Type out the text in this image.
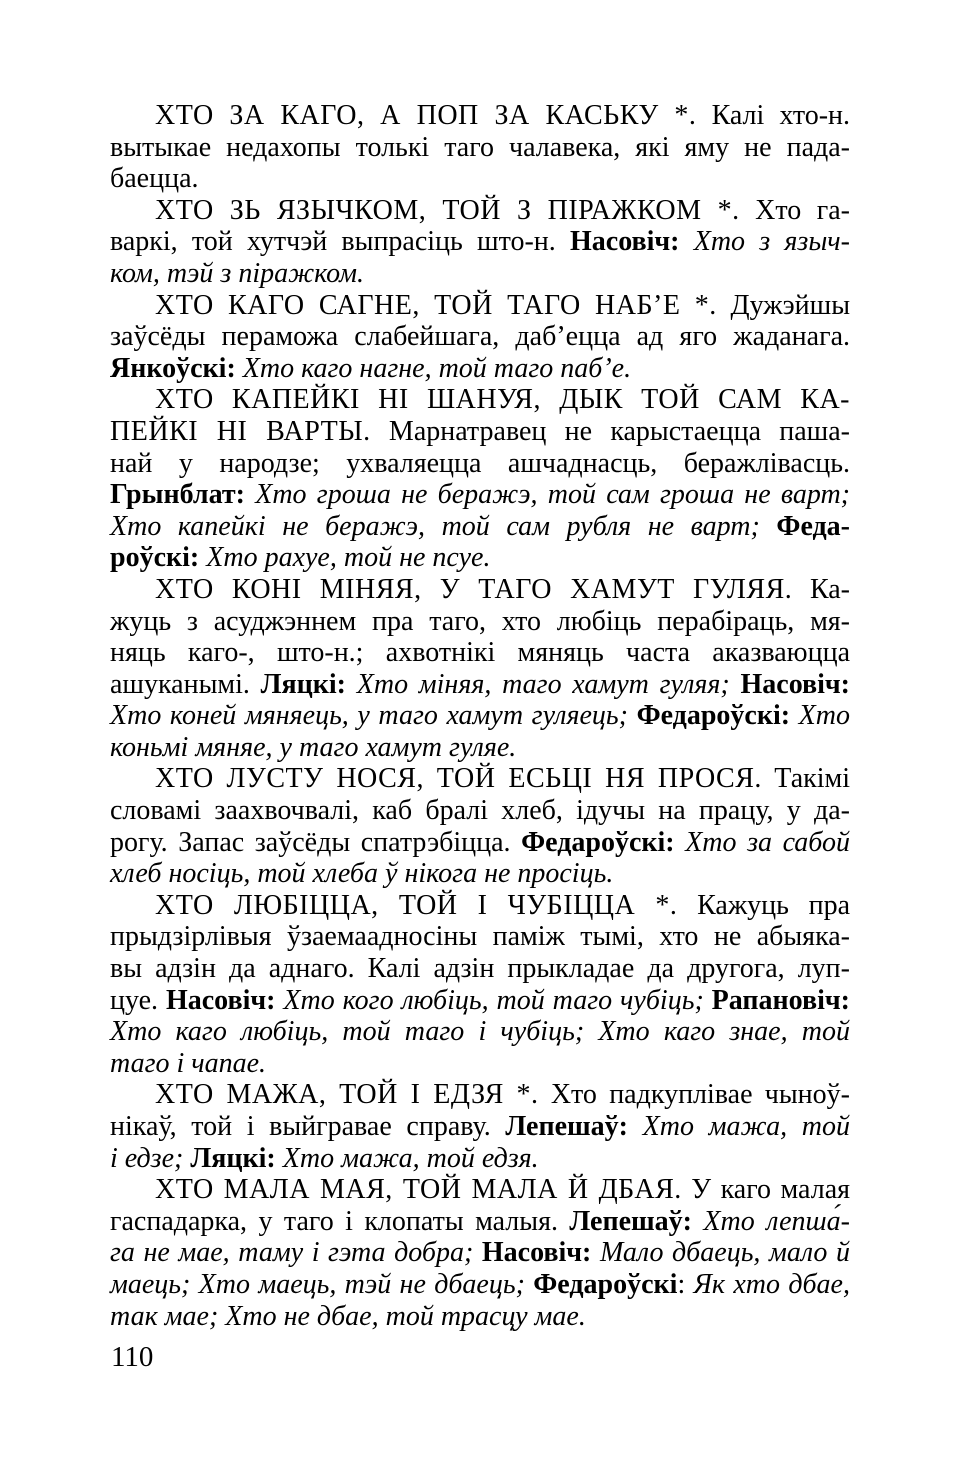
ХТО ЗА КАГО, А ПОП ЗА КАСЬКУ *. Калі хто-н.
вытыкае недахопы толькі таго чалавека, які яму не пада-
баецца.
ХТО ЗЬ ЯЗЫЧКОМ, ТОЙ З ПІРАЖКОМ *. Хто га-
варкі, той хутчэй выпрасіць што-н. Насовіч: Хто з языч-
ком, тэй з піражком.
ХТО КАГО САГНЕ, ТОЙ ТАГО НАБ’Е *. Дужэйшы
заўсёды пераможа слабейшага, даб’ецца ад яго жаданага.
Янкоўскі: Хто каго нагне, той таго паб’е.
ХТО КАПЕЙКІ НІ ШАНУЯ, ДЫК ТОЙ САМ КА-
ПЕЙКІ НІ ВАРТЫ. Марнатравец не карыстаецца паша-
най у народзе; ухваляецца ашчаднасць, беражлівасць.
Грынблат: Хто гроша не беражэ, той сам гроша не варт;
Хто капейкі не беражэ, той сам рубля не варт; Феда-
роўскі: Хто рахуе, той не псуе.
ХТО КОНІ МІНЯЯ, У ТАГО ХАМУТ ГУЛЯЯ. Ка-
жуць з асуджэннем пра таго, хто любіць перабіраць, мя-
няць каго-, што-н.; ахвотнікі мяняць часта аказваюцца
ашуканымі. Ляцкі: Хто міняя, таго хамут гуляя; Насовіч:
Хто коней мяняець, у таго хамут гуляець; Федароўскі: Хто
коньмі мяняе, у таго хамут гуляе.
ХТО ЛУСТУ НОСЯ, ТОЙ ЕСЬЦІ НЯ ПРОСЯ. Такімі
словамі заахвочвалі, каб бралі хлеб, ідучы на працу, у да-
рогу. Запас заўсёды спатрэбіцца. Федароўскі: Хто за сабой
хлеб носіць, той хлеба ў нікога не просіць.
ХТО ЛЮБІЦЦА, ТОЙ І ЧУБІЦЦА *. Кажуць пра
прыдзірлівыя ўзаемаадносіны паміж тымі, хто не абыяка-
вы адзін да аднаго. Калі адзін прыкладае да другога, луп-
цуе. Насовіч: Хто кого любіць, той таго чубіць; Рапановіч:
Хто каго любіць, той таго і чубіць; Хто каго знае, той
таго і чапае.
ХТО МАЖА, ТОЙ І ЕДЗЯ *. Хто падкуплівае чыноў-
нікаў, той і выйгравае справу. Лепешаў: Хто мажа, той
і едзе; Ляцкі: Хто мажа, той едзя.
ХТО МАЛА МАЯ, ТОЙ МАЛА Й ДБАЯ. У каго малая
гаспадарка, у таго і клопаты малыя. Лепешаў: Хто лепша́-
га не мае, таму і гэта добра; Насовіч: Мало дбаець, мало й
маець; Хто маець, тэй не дбаець; Федароўскі: Як хто дбае,
так мае; Хто не дбае, той трасцу мае.
110
